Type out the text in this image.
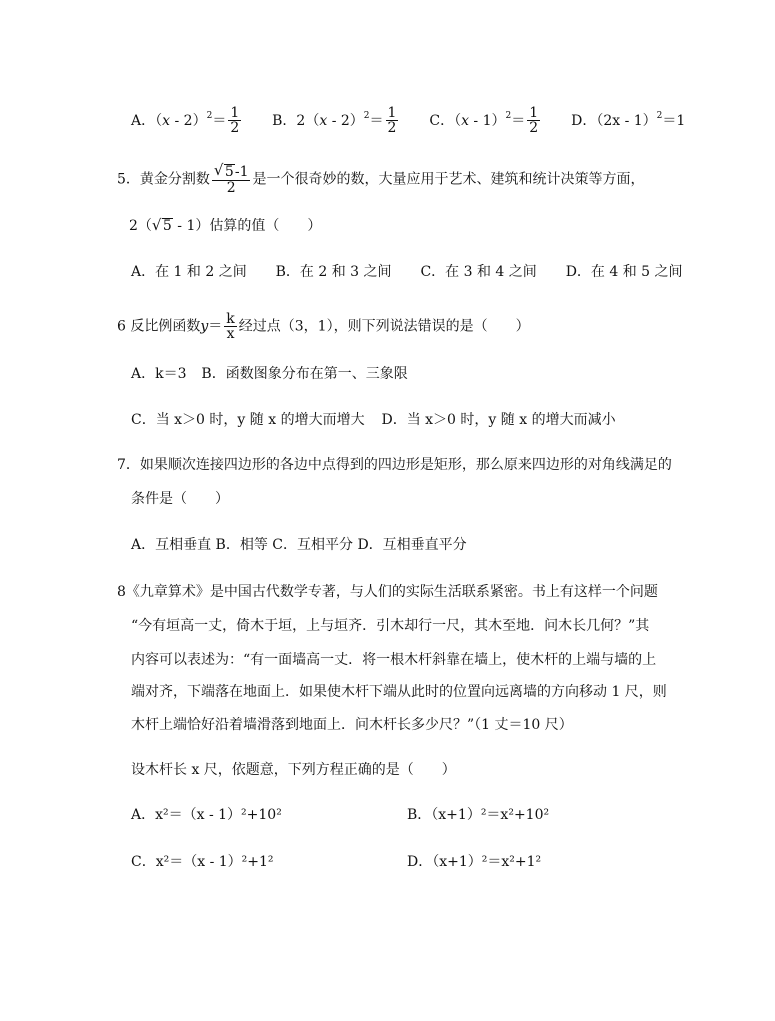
A．$(x - 2)^2= \frac{1}{2}$ B．$2(x - 2)^2= \frac{1}{2}$ C．$(x - 1)^2= \frac{1}{2}$ D．（2x - 1）$^2$＝1
5．黄金分割数 $\frac{√ 5-1}{2}$ 是一个很奇妙的数，大量应用于艺术、建筑和统计决策等方面，
2（ √ 5 - 1）估算的值（　　）
A．在 1 和 2 之间 B．在 2 和 3 之间 C．在 3 和 4 之间 D．在 4 和 5 之间
6 反比例函数$y= \frac{k}{x}$ 经过点（3，1），则下列说法错误的是（　　）
A．k＝3 B．函数图象分布在第一、三象限
C．当 x＞0 时，y 随 x 的增大而增大 D．当 x＞0 时，y 随 x 的增大而减小
7．如果顺次连接四边形的各边中点得到的四边形是矩形，那么原来四边形的对角线满足的
条件是（　　）
A．互相垂直 B．相等 C．互相平分 D．互相垂直平分
8《九章算术》是中国古代数学专著，与人们的实际生活联系紧密。书上有这样一个问题
“今有垣高一丈，倚木于垣，上与垣齐．引木却行一尺，其木至地．问木长几何？”其
内容可以表述为：“有一面墙高一丈．将一根木杆斜靠在墙上，使木杆的上端与墙的上
端对齐，下端落在地面上．如果使木杆下端从此时的位置向远离墙的方向移动 1 尺，则
木杆上端恰好沿着墙滑落到地面上．问木杆长多少尺？”（1 丈＝10 尺）
设木杆长 x 尺，依题意，下列方程正确的是（　　）
A．x²＝（x - 1）²+10²	B．（x+1）²＝x²+10²
C．x²＝（x - 1）²+1²	D．（x+1）²＝x²+1²
